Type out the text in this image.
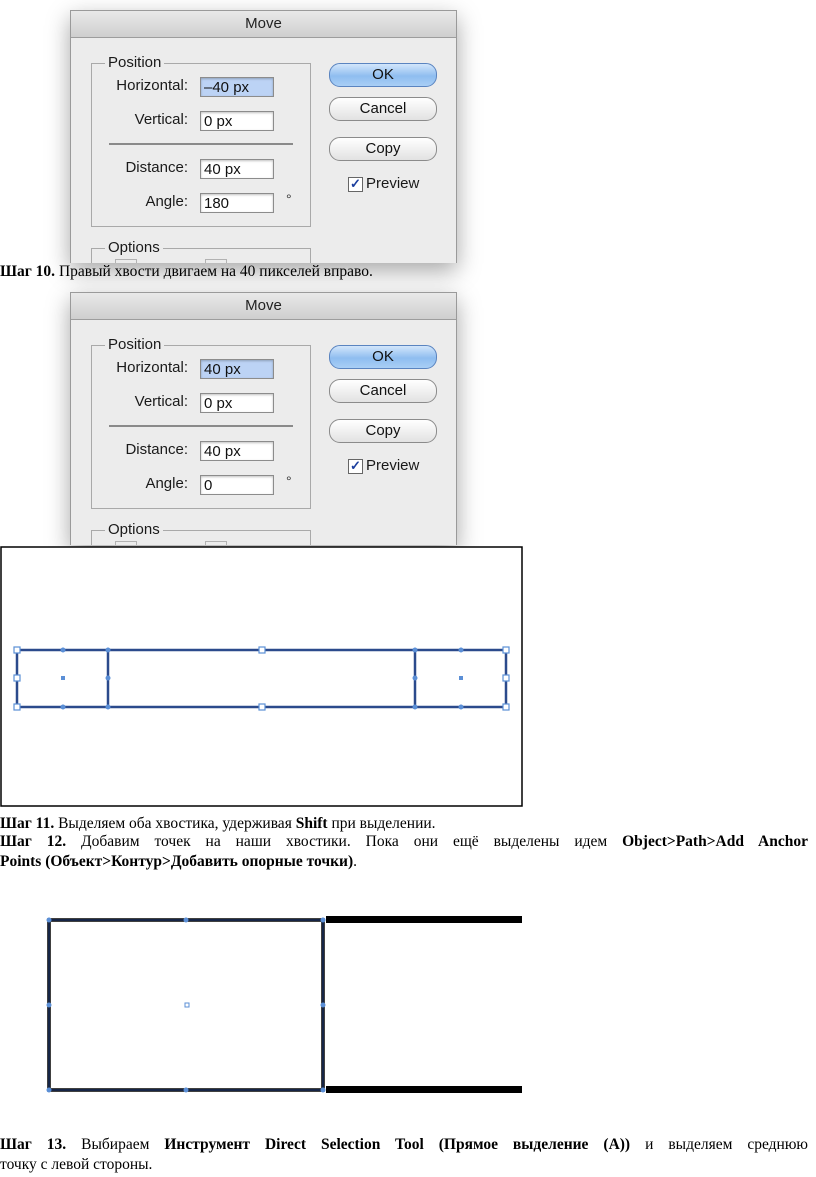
Move
Position
Horizontal: –40 px
Vertical: 0 px
Distance: 40 px
Angle: 180	°
OK
Cancel
Copy
✓ Preview
Options

Шаг 10. Правый хвости двигаем на 40 пикселей вправо.

Move
Position
Horizontal: 40 px
Vertical: 0 px
Distance: 40 px
Angle: 0	°
OK
Cancel
Copy
✓ Preview
Options

Шаг 11. Выделяем оба хвостика, удерживая Shift при выделении.

Шаг 12. Добавим точек на наши хвостики. Пока они ещё выделены идем Object>Path>Add Anchor

Points (Объект>Контур>Добавить опорные точки).

Шаг 13. Выбираем Инструмент Direct Selection Tool (Прямое выделение (A)) и выделяем среднюю

точку с левой стороны.
